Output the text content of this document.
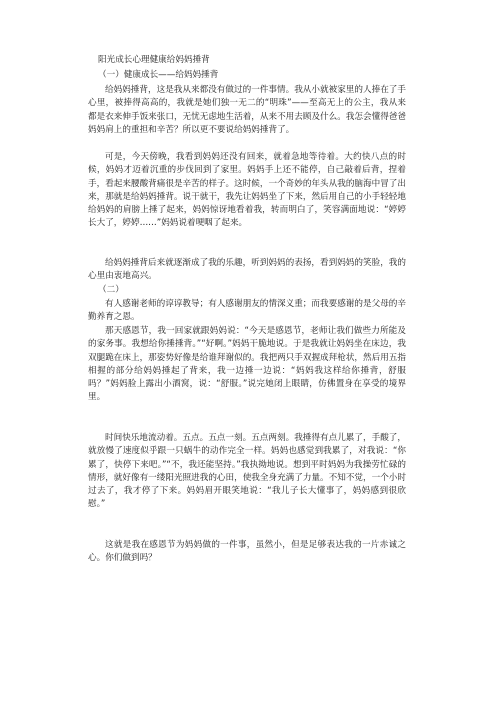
阳光成长心理健康给妈妈捶背
（一）健康成长——给妈妈捶背
给妈妈捶背，这是我从来都没有做过的一件事情。我从小就被家里的人捧在了手心里，被捧得高高的，我就是她们独一无二的“明珠”——至高无上的公主，我从来都是衣来伸手饭来张口，无忧无虑地生活着，从来不用去顾及什么。我怎会懂得爸爸妈妈肩上的重担和辛苦？所以更不要说给妈妈捶背了。
可是，今天傍晚，我看到妈妈还没有回来，就着急地等待着。大约快八点的时候，妈妈才迈着沉重的步伐回到了家里。妈妈手上还不能停，自己敲着后背，捏着手，看起来腰酸背痛很是辛苦的样子。这时候，一个奇妙的年头从我的脑海中冒了出来，那就是给妈妈捶背。说干就干，我先让妈妈坐了下来，然后用自己的小手轻轻地给妈妈的肩膀上捶了起来，妈妈惊讶地看着我，转而明白了，笑容满面地说：“婷婷长大了，婷婷……”妈妈说着哽咽了起来。
给妈妈捶背后来就逐渐成了我的乐趣，听到妈妈的表扬，看到妈妈的笑脸，我的心里由衷地高兴。
（二）
有人感谢老师的谆谆教导；有人感谢朋友的情深义重；而我要感谢的是父母的辛勤养育之恩。
那天感恩节，我一回家就跟妈妈说：“今天是感恩节，老师让我们做些力所能及的家务事。我想给你捶捶背。”“好啊。”妈妈干脆地说。于是我就让妈妈坐在床边，我双腿跪在床上，那姿势好像是给谁拜谢似的。我把两只手双握成拜枪状，然后用五指相握的部分给妈妈捶起了背来，我一边捶一边说：“妈妈我这样给你捶背，舒服吗？”妈妈脸上露出小酒窝，说：“舒服。”说完她闭上眼睛，仿佛置身在享受的境界里。
时间快乐地流动着。五点。五点一刻。五点两刻。我捶得有点儿累了，手酸了，就放慢了速度似乎跟一只蜗牛的动作完全一样。妈妈也感觉到我累了，对我说：“你累了，快停下来吧。”“不，我还能坚持。”我执拗地说。想到平时妈妈为我操劳忙碌的情形，就好像有一缕阳光照进我的心田，使我全身充满了力量。不知不觉，一个小时过去了，我才停了下来。妈妈眉开眼笑地说：“我儿子长大懂事了，妈妈感到很欣慰。”
这就是我在感恩节为妈妈做的一件事，虽然小，但是足够表达我的一片赤诚之心。你们做到吗？
